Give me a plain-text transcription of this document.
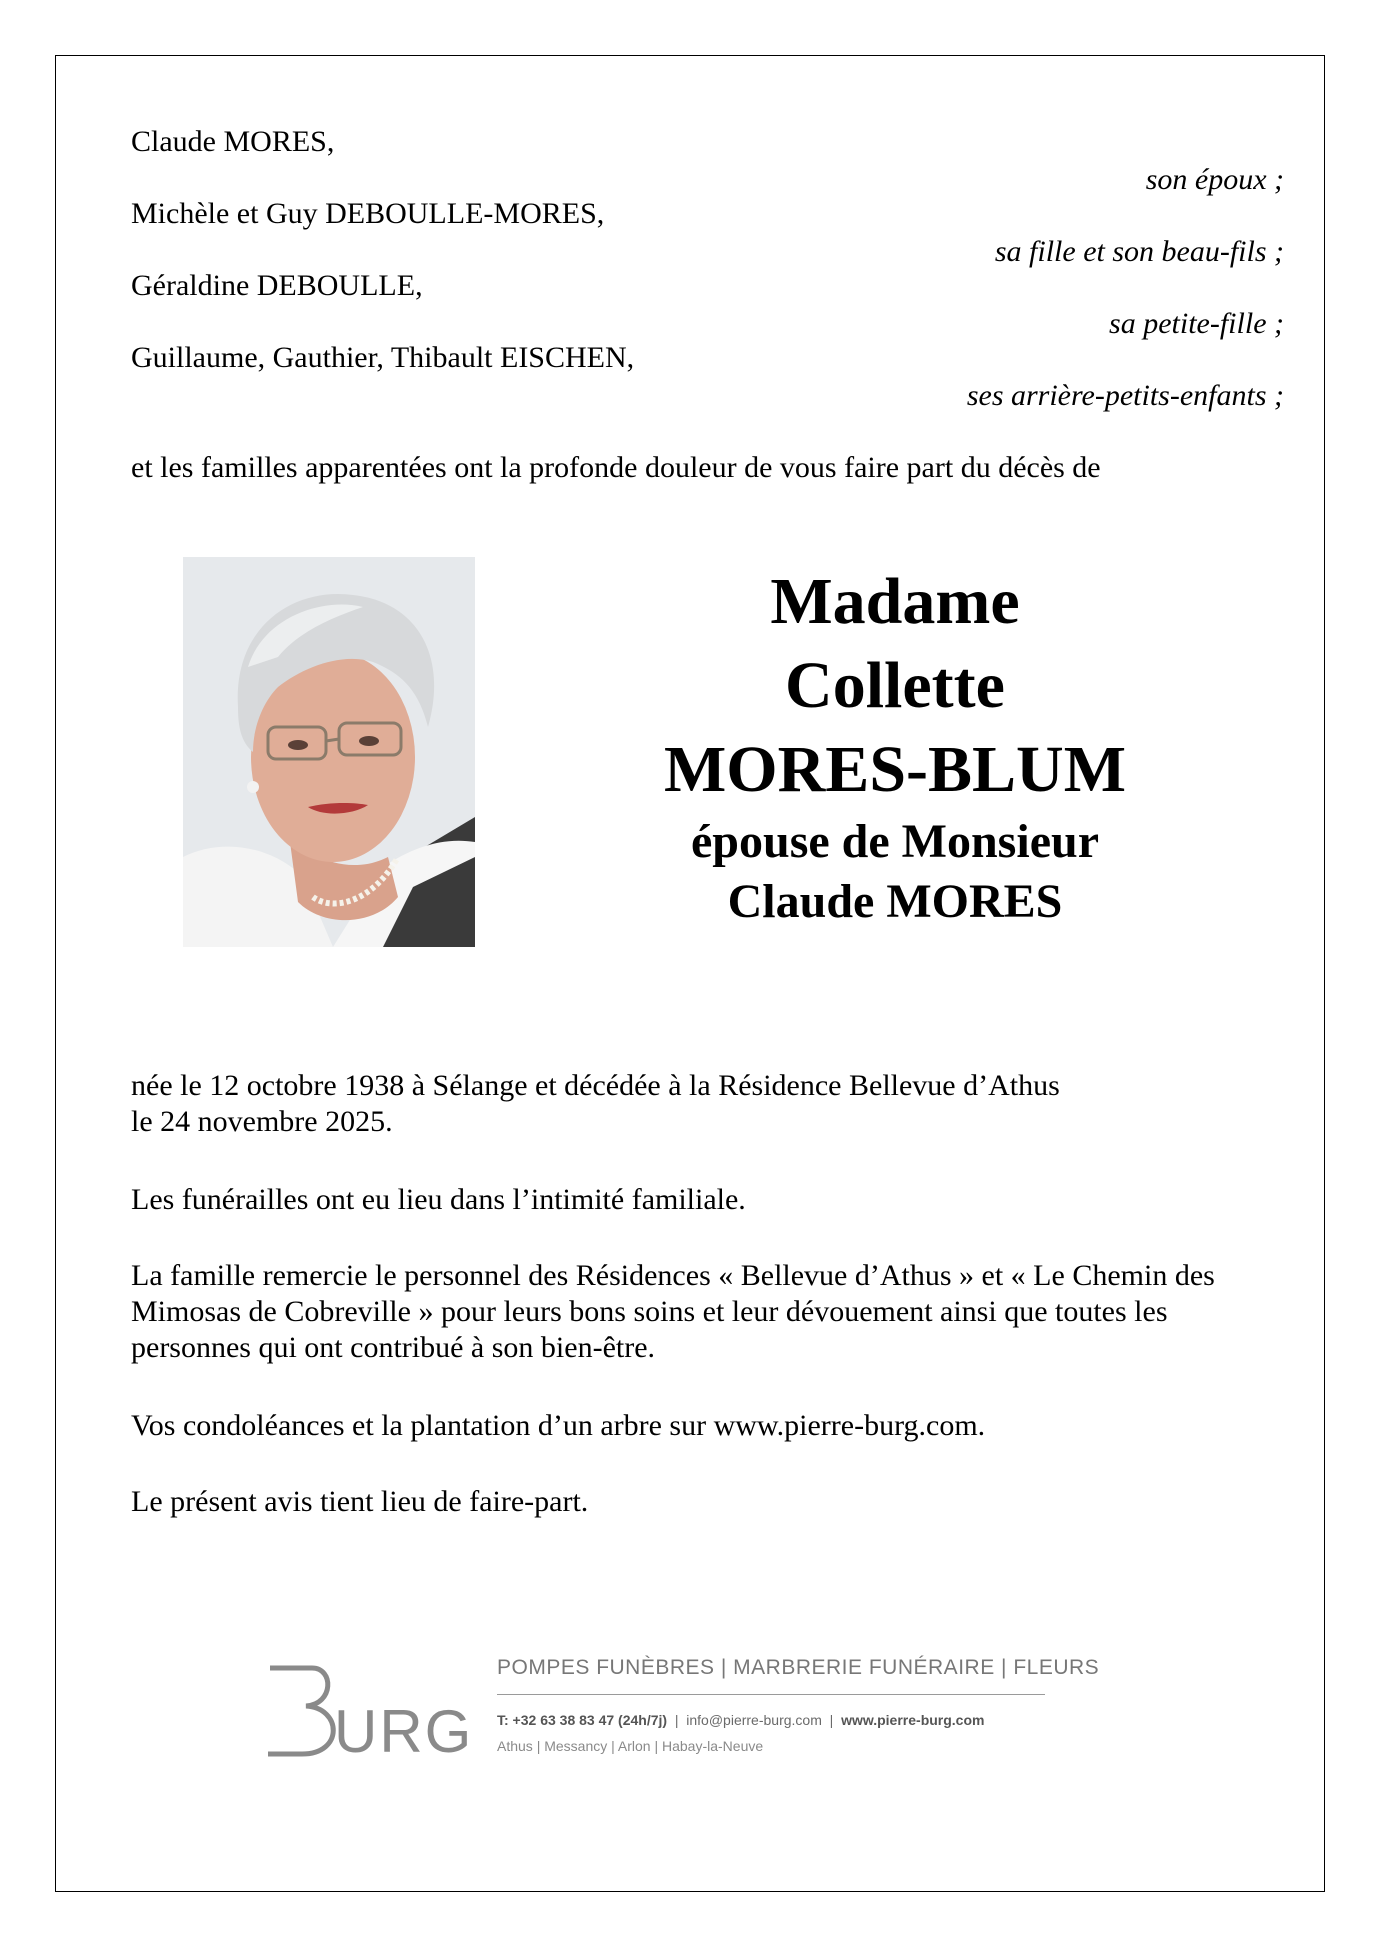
Claude MORES,
son époux ;
Michèle et Guy DEBOULLE-MORES,
sa fille et son beau-fils ;
Géraldine DEBOULLE,
sa petite-fille ;
Guillaume, Gauthier, Thibault EISCHEN,
ses arrière-petits-enfants ;
et les familles apparentées ont la profonde douleur de vous faire part du décès de
Madame
Collette
MORES-BLUM
épouse de Monsieur
Claude MORES
née le 12 octobre 1938 à Sélange et décédée à la Résidence Bellevue d’Athus
le 24 novembre 2025.
Les funérailles ont eu lieu dans l’intimité familiale.
La famille remercie le personnel des Résidences « Bellevue d’Athus » et « Le Chemin des
Mimosas de Cobreville » pour leurs bons soins et leur dévouement ainsi que toutes les
personnes qui ont contribué à son bien-être.
Vos condoléances et la plantation d’un arbre sur www.pierre-burg.com.
Le présent avis tient lieu de faire-part.
URG
POMPES FUNÈBRES | MARBRERIE FUNÉRAIRE | FLEURS
T: +32 63 38 83 47 (24h/7j)  |  info@pierre-burg.com  |  www.pierre-burg.com
Athus | Messancy | Arlon | Habay-la-Neuve
